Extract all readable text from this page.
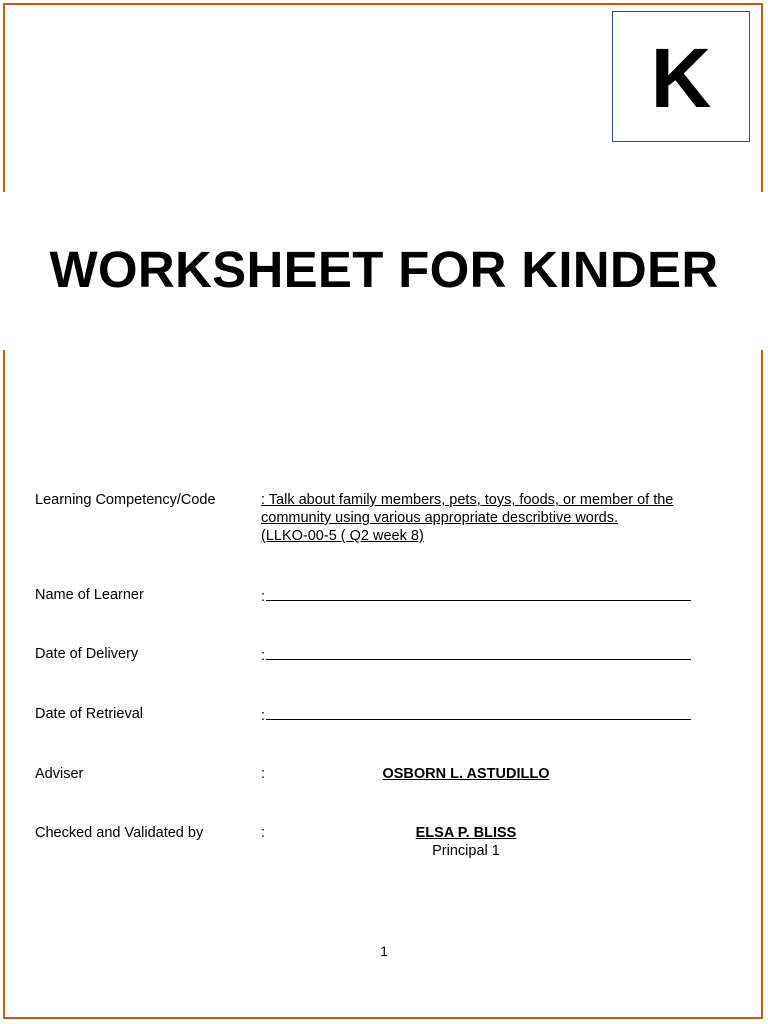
K
WORKSHEET FOR KINDER
Learning Competency/Code	: Talk about family members, pets, toys, foods, or member of the
community using various appropriate describtive words.
(LLKO-00-5 ( Q2 week 8)
Name of Learner	:
Date of Delivery	:
Date of Retrieval	:
Adviser	:	OSBORN L. ASTUDILLO
Checked and Validated by	:	ELSA P. BLISS
Principal 1
1
